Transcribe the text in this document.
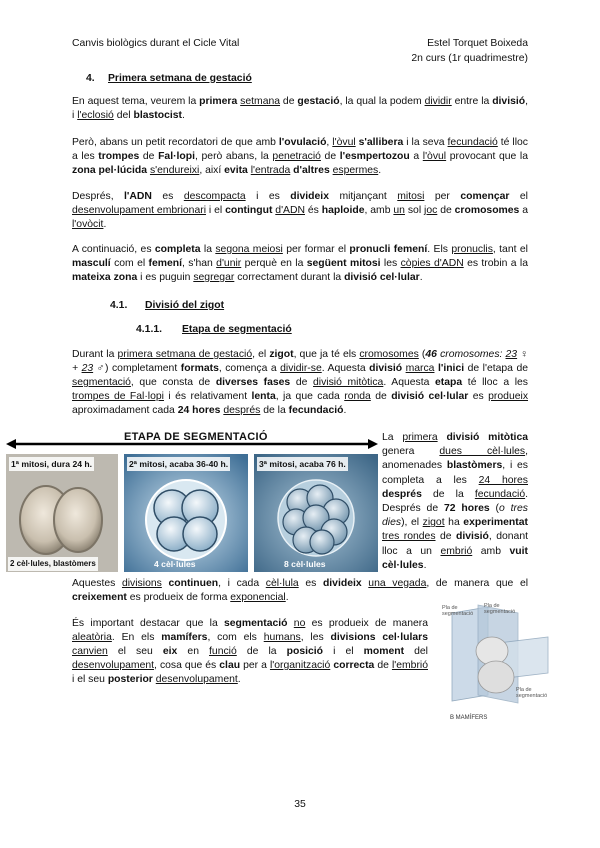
Canvis biològics durant el Cicle Vital	Estel Torquet Boixeda
2n curs (1r quadrimestre)
4. Primera setmana de gestació
En aquest tema, veurem la primera setmana de gestació, la qual la podem dividir entre la divisió, i l'eclosió del blastocist.
Però, abans un petit recordatori de que amb l'ovulació, l'òvul s'allibera i la seva fecundació té lloc a les trompes de Fal·lopi, però abans, la penetració de l'esmpertozou a l'òvul provocant que la zona pel·lúcida s'endureixi, així evita l'entrada d'altres espermes.
Després, l'ADN es descompacta i es divideix mitjançant mitosi per començar el desenvolupament embrionari i el contingut d'ADN és haploide, amb un sol joc de cromosomes a l'ovòcit.
A continuació, es completa la segona meiosi per formar el pronucli femení. Els pronuclis, tant el masculí com el femení, s'han d'unir perquè en la següent mitosi les còpies d'ADN es trobin a la mateixa zona i es puguin segregar correctament durant la divisió cel·lular.
4.1. Divisió del zigot
4.1.1. Etapa de segmentació
Durant la primera setmana de gestació, el zigot, que ja té els cromosomes (46 cromosomes: 23 ♀ + 23 ♂) completament formats, comença a dividir-se. Aquesta divisió marca l'inici de l'etapa de segmentació, que consta de diverses fases de divisió mitòtica. Aquesta etapa té lloc a les trompes de Fal·lopi i és relativament lenta, ja que cada ronda de divisió cel·lular es produeix aproximadament cada 24 hores després de la fecundació.
ETAPA DE SEGMENTACIÓ
1ª mitosi, dura 24 h.
2 cèl·lules, blastòmers
2ª mitosi, acaba 36-40 h.
4 cèl·lules
3ª mitosi, acaba 76 h.
8 cèl·lules
La primera divisió mitòtica genera dues cèl·lules, anomenades blastòmers, i es completa a les 24 hores després de la fecundació. Després de 72 hores (o tres dies), el zigot ha experimentat tres rondes de divisió, donant lloc a un embrió amb vuit cèl·lules.
Aquestes divisions continuen, i cada cèl·lula es divideix una vegada, de manera que el creixement es produeix de forma exponencial.
És important destacar que la segmentació no es produeix de manera aleatòria. En els mamífers, com els humans, les divisions cel·lulars canvien el seu eix en funció de la posició i el moment del desenvolupament, cosa que és clau per a l'organització correcta de l'embrió i el seu posterior desenvolupament.
Pla de segmentació
Pla de segmentació
Pla de segmentació
B MAMÍFERS
35
